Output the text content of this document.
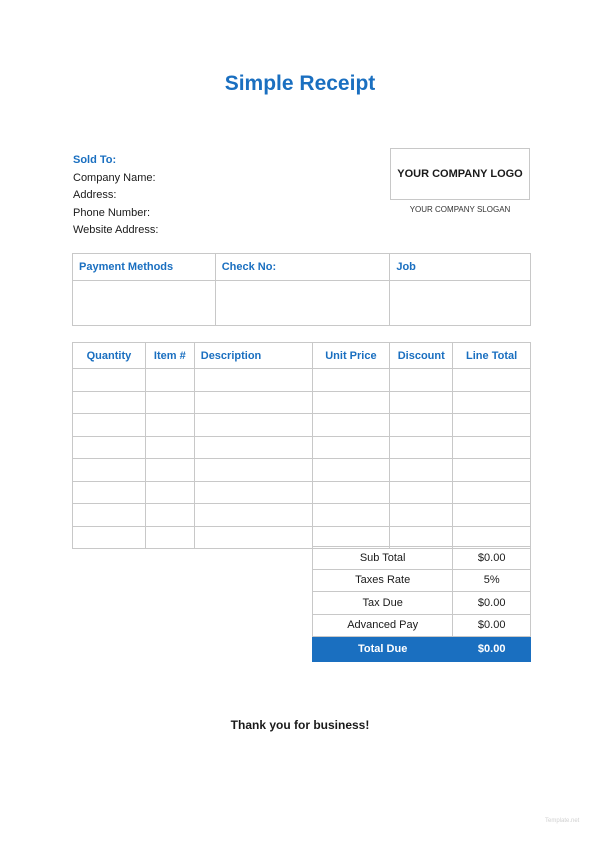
Simple Receipt
Sold To:
Company Name:
Address:
Phone Number:
Website Address:
YOUR COMPANY LOGO
YOUR COMPANY SLOGAN
Payment Methods	Check No:	Job

Quantity	Item #	Description	Unit Price	Discount	Line Total

Sub Total	$0.00
Taxes Rate	5%
Tax Due	$0.00
Advanced Pay	$0.00
Total Due	$0.00
Thank you for business!
Template.net
